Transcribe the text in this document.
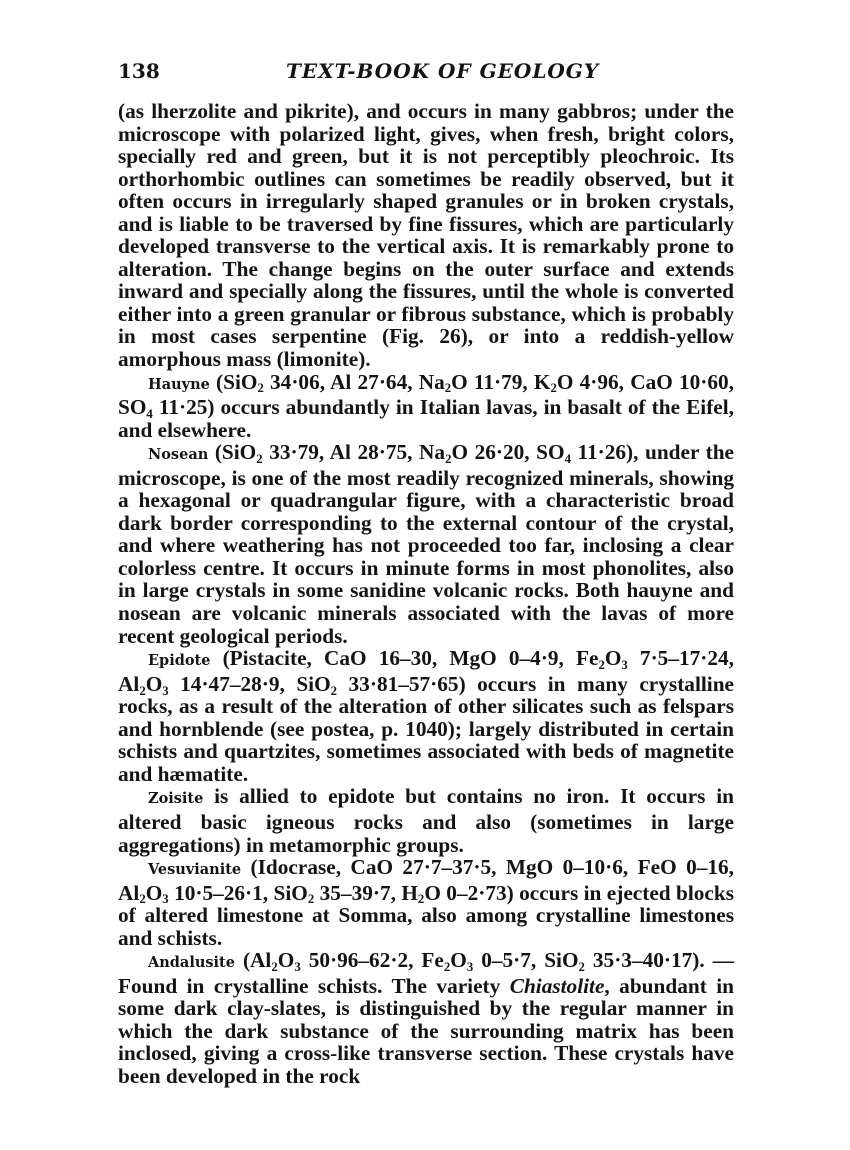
138	TEXT-BOOK OF GEOLOGY

(as lherzolite and pikrite), and occurs in many gabbros; under the microscope with polarized light, gives, when fresh, bright colors, specially red and green, but it is not perceptibly pleochroic. Its orthorhombic outlines can sometimes be readily observed, but it often occurs in irregularly shaped granules or in broken crystals, and is liable to be traversed by fine fissures, which are particularly developed transverse to the vertical axis. It is remarkably prone to alteration. The change begins on the outer surface and extends inward and specially along the fissures, until the whole is converted either into a green granular or fibrous substance, which is probably in most cases serpentine (Fig. 26), or into a reddish-yellow amorphous mass (limonite).

Hauyne (SiO$_2$ 34·06, Al 27·64, $Na_2O$ 11·79, $K_2O$ 4·96, CaO 10·60, $SO_4$ 11·25) occurs abundantly in Italian lavas, in basalt of the Eifel, and elsewhere.

Nosean (SiO$_2$ 33·79, Al 28·75, $Na_2O$ 26·20, $SO_4$ 11·26), under the microscope, is one of the most readily recognized minerals, showing a hexagonal or quadrangular figure, with a characteristic broad dark border corresponding to the external contour of the crystal, and where weathering has not proceeded too far, inclosing a clear colorless centre. It occurs in minute forms in most phonolites, also in large crystals in some sanidine volcanic rocks. Both hauyne and nosean are volcanic minerals associated with the lavas of more recent geological periods.

Epidote (Pistacite, CaO 16–30, MgO 0–4·9, $Fe_2O_3$ 7·5–17·24, $Al_2O_3$ 14·47–28·9, SiO$_2$ 33·81–57·65) occurs in many crystalline rocks, as a result of the alteration of other silicates such as felspars and hornblende (see postea, p. 1040); largely distributed in certain schists and quartzites, sometimes associated with beds of magnetite and hæmatite.

Zoisite is allied to epidote but contains no iron. It occurs in altered basic igneous rocks and also (sometimes in large aggregations) in metamorphic groups.

Vesuvianite (Idocrase, CaO 27·7–37·5, MgO 0–10·6, FeO 0–16, $Al_2O_3$ 10·5–26·1, SiO$_2$ 35–39·7, $H_2O$ 0–2·73) occurs in ejected blocks of altered limestone at Somma, also among crystalline limestones and schists.

Andalusite ($Al_2O_3$ 50·96–62·2, $Fe_2O_3$ 0–5·7, SiO$_2$ 35·3–40·17). —Found in crystalline schists. The variety Chiastolite, abundant in some dark clay-slates, is distinguished by the regular manner in which the dark substance of the surrounding matrix has been inclosed, giving a cross-like transverse section. These crystals have been developed in the rock
